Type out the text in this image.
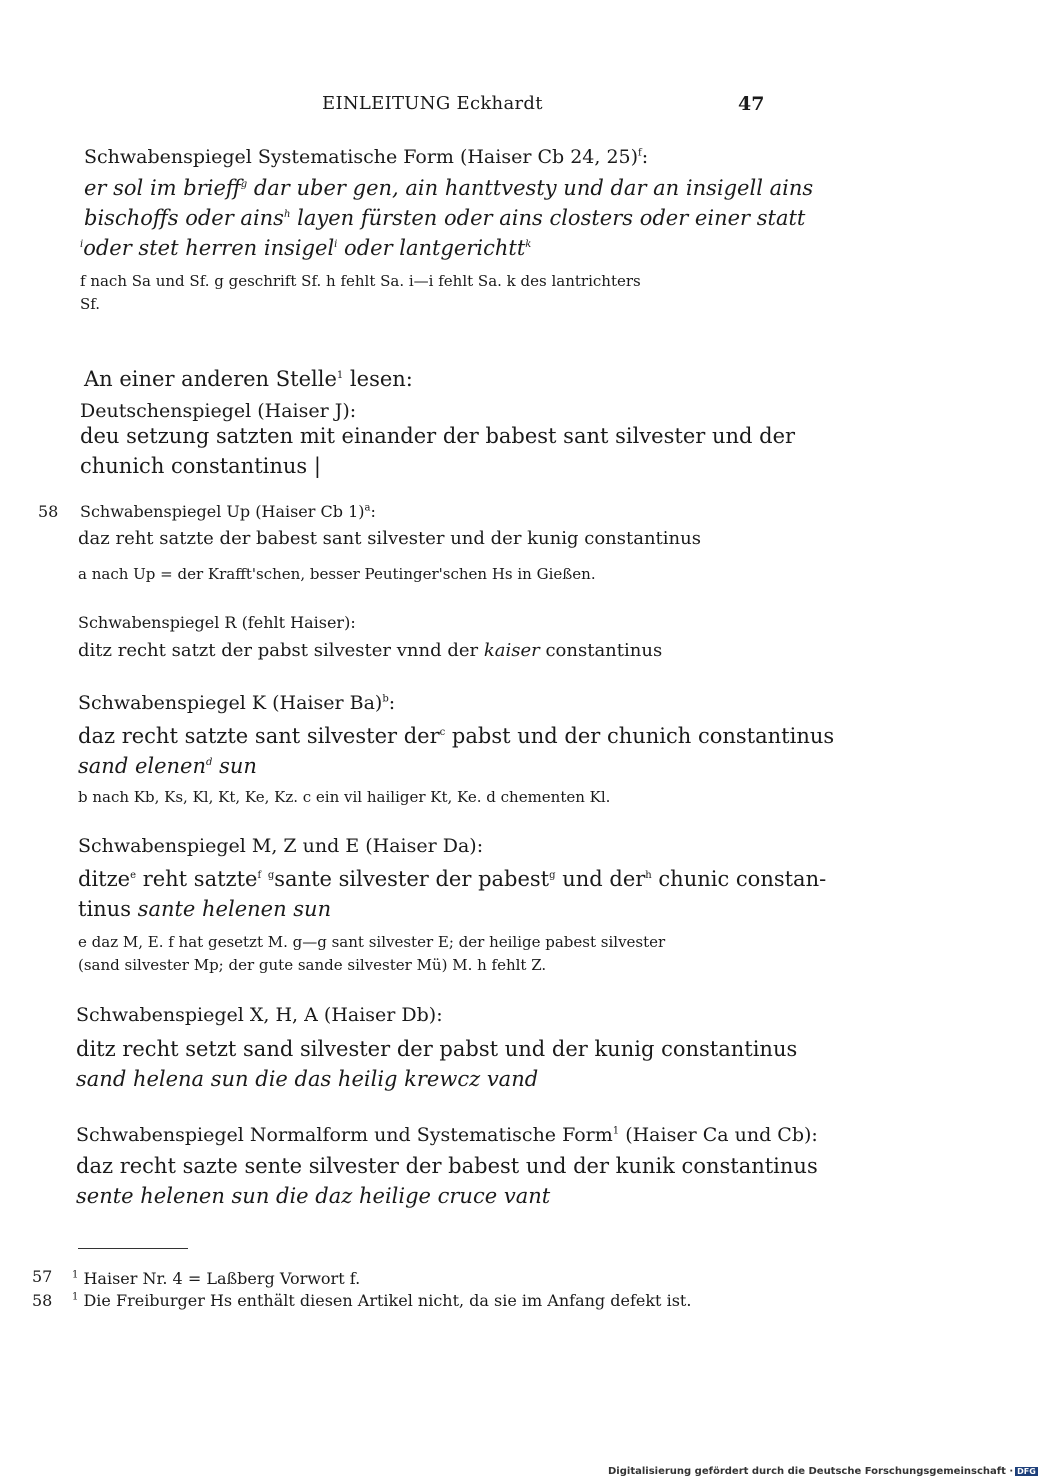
EINLEITUNG Eckhardt	47
Schwabenspiegel Systematische Form (Haiser Cb 24, 25)$^f$:
er sol im brieff$^g$ dar uber gen, ain hanttvesty und dar an insigell ains
bischoffs oder ains$^h$ layen fürsten oder ains closters oder einer statt
$^i$oder stet herren insigel$^i$ oder lantgerichtt$^k$
f nach Sa und Sf. g geschrift Sf. h fehlt Sa. i—i fehlt Sa. k des lantrichters
Sf.
An einer anderen Stelle$^1$ lesen:
Deutschenspiegel (Haiser J):
deu setzung satzten mit einander der babest sant silvester und der
chunich constantinus |
58 Schwabenspiegel Up (Haiser Cb 1)$^a$:
daz reht satzte der babest sant silvester und der kunig constantinus
a nach Up = der Krafft'schen, besser Peutinger'schen Hs in Gießen.
Schwabenspiegel R (fehlt Haiser):
ditz recht satzt der pabst silvester vnnd der kaiser constantinus
Schwabenspiegel K (Haiser Ba)$^b$:
daz recht satzte sant silvester der$^c$ pabst und der chunich constantinus
sand elenen$^d$ sun
b nach Kb, Ks, Kl, Kt, Ke, Kz. c ein vil hailiger Kt, Ke. d chementen Kl.
Schwabenspiegel M, Z und E (Haiser Da):
ditze$^e$ reht satzte$^f$ $^g$sante silvester der pabest$^g$ und der$^h$ chunic constan-
tinus sante helenen sun
e daz M, E. f hat gesetzt M. g—g sant silvester E; der heilige pabest silvester
(sand silvester Mp; der gute sande silvester Mü) M. h fehlt Z.
Schwabenspiegel X, H, A (Haiser Db):
ditz recht setzt sand silvester der pabst und der kunig constantinus
sand helena sun die das heilig krewcz vand
Schwabenspiegel Normalform und Systematische Form$^1$ (Haiser Ca und Cb):
daz recht sazte sente silvester der babest und der kunik constantinus
sente helenen sun die daz heilige cruce vant
57 $^1$ Haiser Nr. 4 = Laßberg Vorwort f.
58 $^1$ Die Freiburger Hs enthält diesen Artikel nicht, da sie im Anfang defekt ist.
Digitalisierung gefördert durch die Deutsche Forschungsgemeinschaft · DFG
